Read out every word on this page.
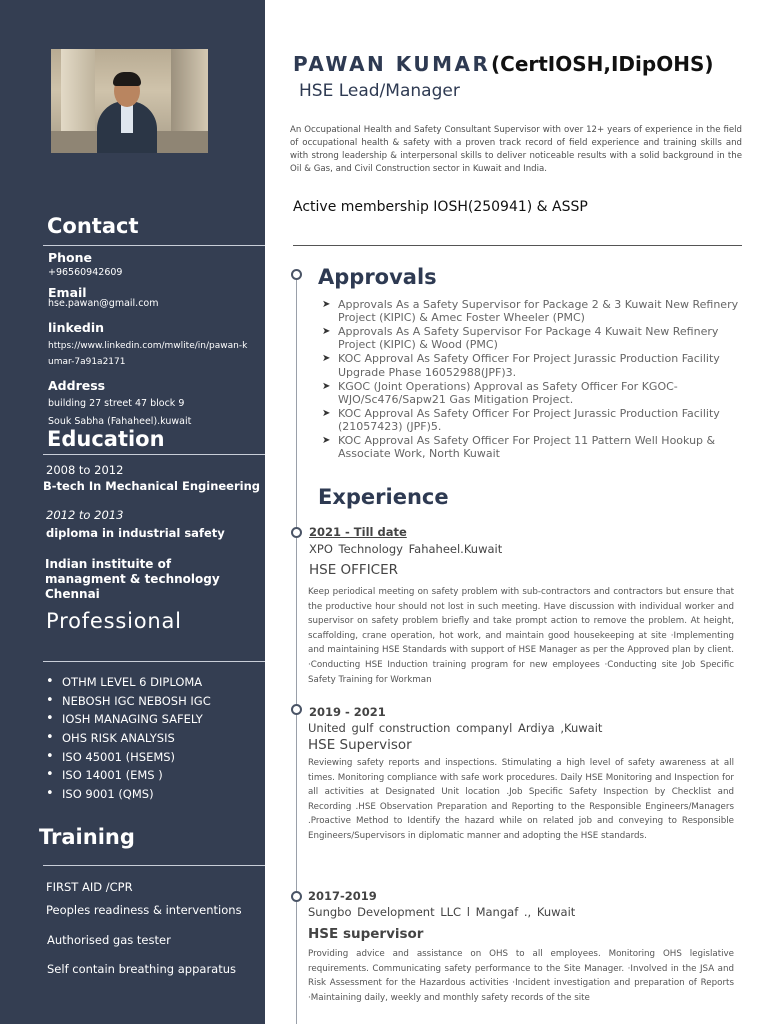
Contact
Phone
+96560942609
Email
hse.pawan@gmail.com
linkedin
https://www.linkedin.com/mwlite/in/pawan-kumar-7a91a2171
Address
building 27 street 47 block 9
Souk Sabha (Fahaheel).kuwait
Education
2008 to 2012
B-tech In Mechanical Engineering
2012 to 2013
diploma in industrial safety
Indian instituite of managment & technology Chennai
Professional
• OTHM LEVEL 6 DIPLOMA
• NEBOSH IGC NEBOSH IGC
• IOSH MANAGING SAFELY
• OHS RISK ANALYSIS
• ISO 45001 (HSEMS)
• ISO 14001 (EMS )
• ISO 9001 (QMS)
Training
FIRST AID /CPR
Peoples readiness & interventions
Authorised gas tester
Self contain breathing apparatus
PAWAN KUMAR (CertIOSH,IDipOHS)
HSE Lead/Manager
An Occupational Health and Safety Consultant Supervisor with over 12+ years of experience in the field of occupational health & safety with a proven track record of field experience and training skills and with strong leadership & interpersonal skills to deliver noticeable results with a solid background in the Oil & Gas, and Civil Construction sector in Kuwait and India.
Active membership IOSH(250941) & ASSP
Approvals
➤ Approvals As a Safety Supervisor for Package 2 & 3 Kuwait New Refinery Project (KIPIC) & Amec Foster Wheeler (PMC)
➤ Approvals As A Safety Supervisor For Package 4 Kuwait New Refinery Project (KIPIC) & Wood (PMC)
➤ KOC Approval As Safety Officer For Project Jurassic Production Facility Upgrade Phase 16052988(JPF)3.
➤ KGOC (Joint Operations) Approval as Safety Officer For KGOC-WJO/Sc476/Sapw21 Gas Mitigation Project.
➤ KOC Approval As Safety Officer For Project Jurassic Production Facility (21057423) (JPF)5.
➤ KOC Approval As Safety Officer For Project 11 Pattern Well Hookup & Associate Work, North Kuwait
Experience
2021 - Till date
XPO Technology Fahaheel.Kuwait
HSE OFFICER
Keep periodical meeting on safety problem with sub-contractors and contractors but ensure that the productive hour should not lost in such meeting. Have discussion with individual worker and supervisor on safety problem briefly and take prompt action to remove the problem. At height, scaffolding, crane operation, hot work, and maintain good housekeeping at site ·Implementing and maintaining HSE Standards with support of HSE Manager as per the Approved plan by client. ·Conducting HSE Induction training program for new employees ·Conducting site Job Specific Safety Training for Workman
2019 - 2021
United gulf construction companyl Ardiya ,Kuwait
HSE Supervisor
Reviewing safety reports and inspections. Stimulating a high level of safety awareness at all times. Monitoring compliance with safe work procedures. Daily HSE Monitoring and Inspection for all activities at Designated Unit location .Job Specific Safety Inspection by Checklist and Recording .HSE Observation Preparation and Reporting to the Responsible Engineers/Managers .Proactive Method to Identify the hazard while on related job and conveying to Responsible Engineers/Supervisors in diplomatic manner and adopting the HSE standards.
2017-2019
Sungbo Development LLC l Mangaf ., Kuwait
HSE supervisor
Providing advice and assistance on OHS to all employees. Monitoring OHS legislative requirements. Communicating safety performance to the Site Manager. ·Involved in the JSA and Risk Assessment for the Hazardous activities ·Incident investigation and preparation of Reports ·Maintaining daily, weekly and monthly safety records of the site
